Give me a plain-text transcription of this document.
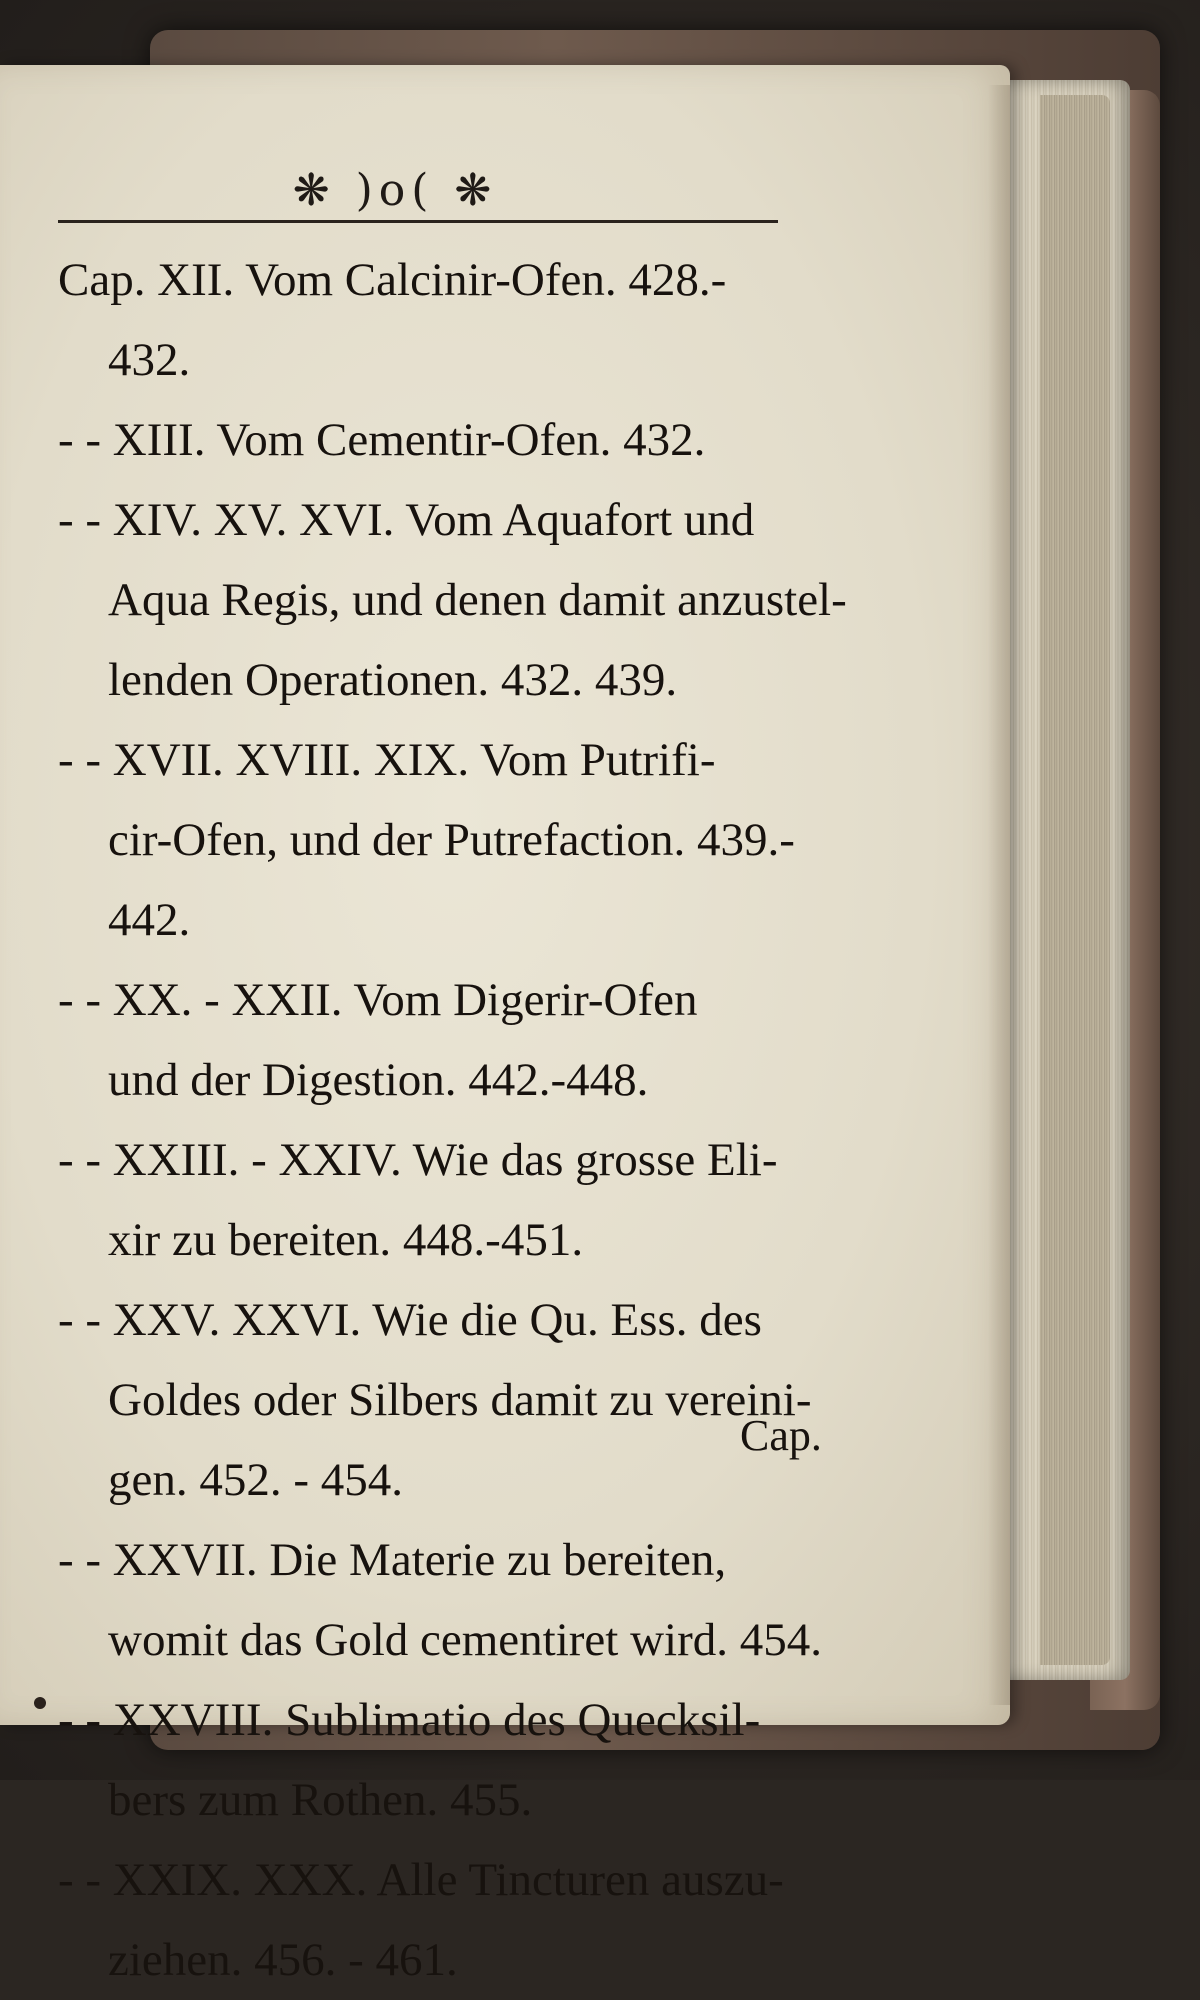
❋ )o( ❋

Cap. XII. Vom Calcinir-Ofen. 428.-
432.

- - XIII. Vom Cementir-Ofen. 432.

- - XIV. XV. XVI. Vom Aquafort und
Aqua Regis, und denen damit anzustel-

lenden Operationen. 432. 439.

- - XVII. XVIII. XIX. Vom Putrifi-
cir-Ofen, und der Putrefaction. 439.-

442.

- - XX. - XXII. Vom Digerir-Ofen
und der Digestion. 442.-448.

- - XXIII. - XXIV. Wie das grosse Eli-
xir zu bereiten. 448.-451.

- - XXV. XXVI. Wie die Qu. Ess. des
Goldes oder Silbers damit zu vereini-

gen. 452. - 454.

- - XXVII. Die Materie zu bereiten,
womit das Gold cementiret wird. 454.

- - XXVIII. Sublimatio des Quecksil-
bers zum Rothen. 455.

- - XXIX. XXX. Alle Tincturen auszu-
ziehen. 456. - 461.

Cap.
